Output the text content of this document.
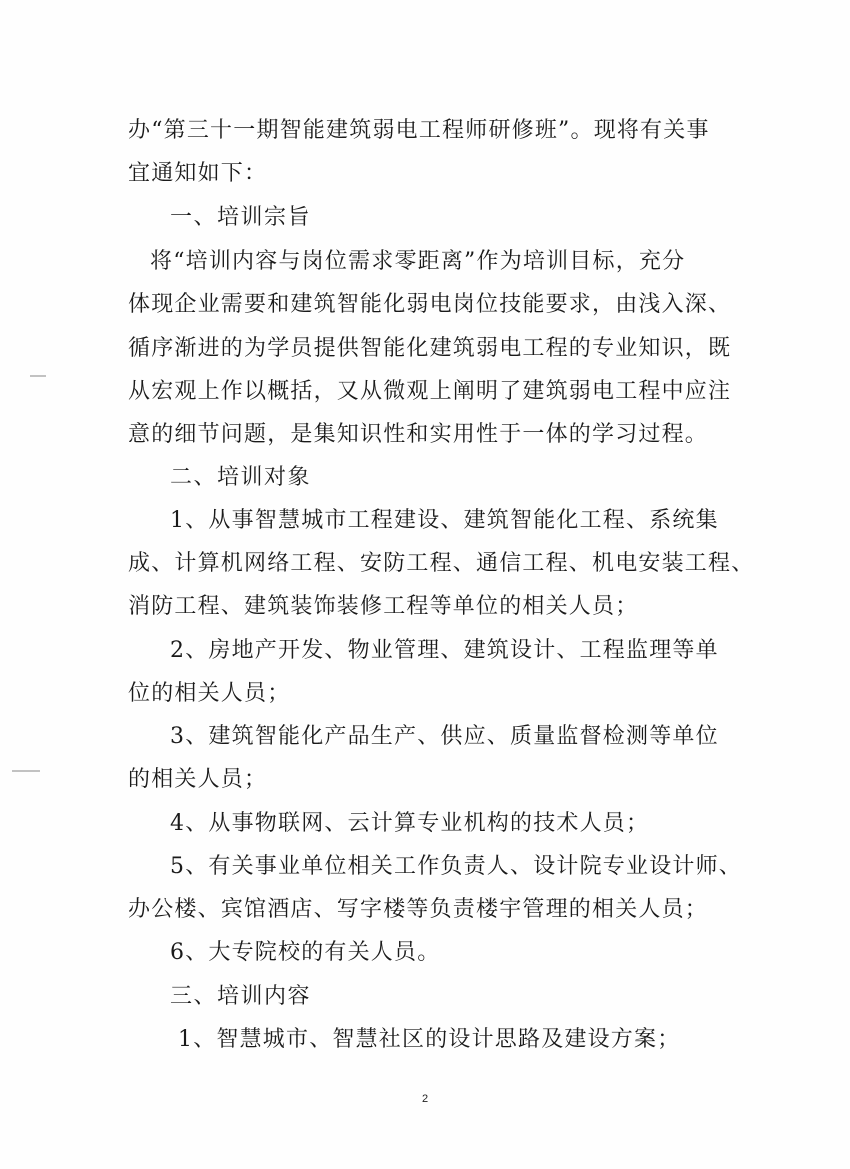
办“第三十一期智能建筑弱电工程师研修班”。现将有关事
宜通知如下：
一、培训宗旨
将“培训内容与岗位需求零距离”作为培训目标，充分
体现企业需要和建筑智能化弱电岗位技能要求，由浅入深、
循序渐进的为学员提供智能化建筑弱电工程的专业知识，既
从宏观上作以概括，又从微观上阐明了建筑弱电工程中应注
意的细节问题，是集知识性和实用性于一体的学习过程。
二、培训对象
1、从事智慧城市工程建设、建筑智能化工程、系统集
成、计算机网络工程、安防工程、通信工程、机电安装工程、
消防工程、建筑装饰装修工程等单位的相关人员；
2、房地产开发、物业管理、建筑设计、工程监理等单
位的相关人员；
3、建筑智能化产品生产、供应、质量监督检测等单位
的相关人员；
4、从事物联网、云计算专业机构的技术人员；
5、有关事业单位相关工作负责人、设计院专业设计师、
办公楼、宾馆酒店、写字楼等负责楼宇管理的相关人员；
6、大专院校的有关人员。
三、培训内容
1、智慧城市、智慧社区的设计思路及建设方案；
2
